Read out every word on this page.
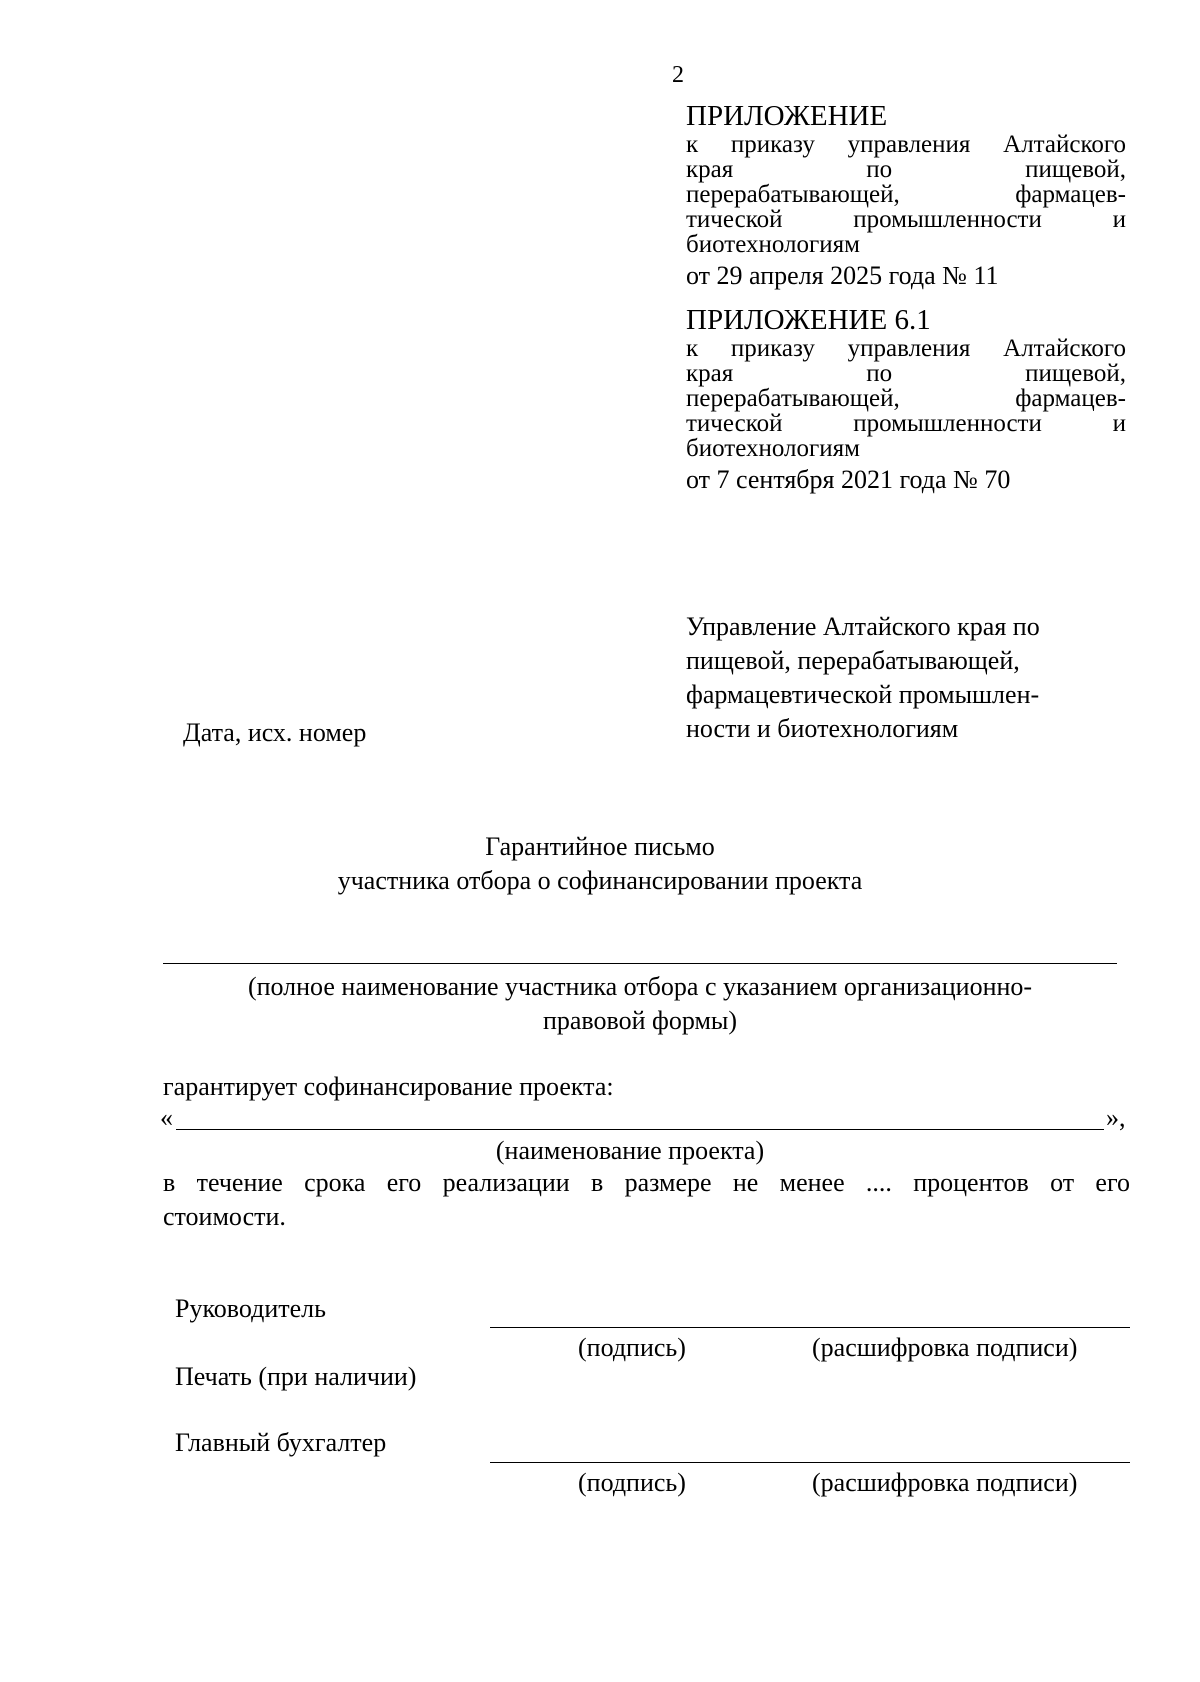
2
ПРИЛОЖЕНИЕ
к приказу управления Алтайского
края по пищевой,
перерабатывающей, фармацев-
тической промышленности и
биотехнологиям
от 29 апреля 2025 года № 11
ПРИЛОЖЕНИЕ 6.1
к приказу управления Алтайского
края по пищевой,
перерабатывающей, фармацев-
тической промышленности и
биотехнологиям
от 7 сентября 2021 года № 70
Управление Алтайского края по
пищевой, перерабатывающей,
фармацевтической промышлен-
ности и биотехнологиям
Дата, исх. номер
Гарантийное письмо
участника отбора о софинансировании проекта
(полное наименование участника отбора с указанием организационно-
правовой формы)
гарантирует софинансирование проекта:
«	»,
(наименование проекта)
в течение срока его реализации в размере не менее .... процентов от его
стоимости.
Руководитель
(подпись)	(расшифровка подписи)
Печать (при наличии)
Главный бухгалтер
(подпись)	(расшифровка подписи)
